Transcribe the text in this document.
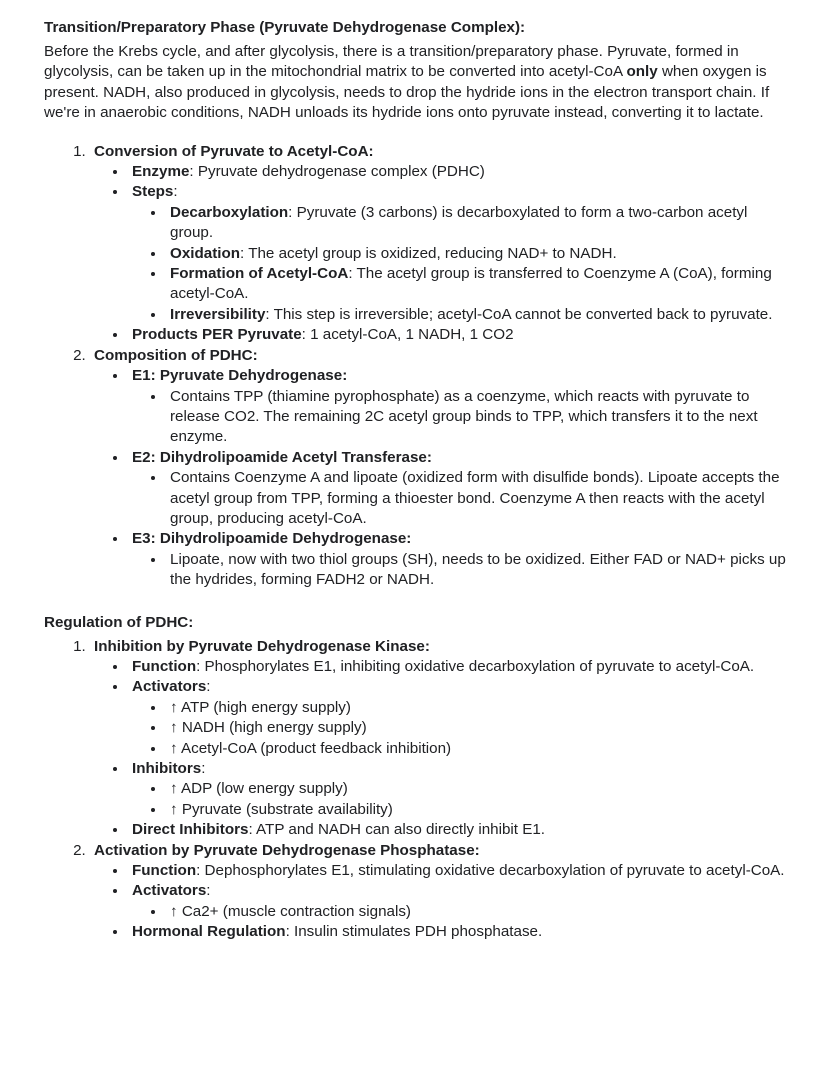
Transition/Preparatory Phase (Pyruvate Dehydrogenase Complex):

Before the Krebs cycle, and after glycolysis, there is a transition/preparatory phase. Pyruvate, formed in glycolysis, can be taken up in the mitochondrial matrix to be converted into acetyl-CoA only when oxygen is present. NADH, also produced in glycolysis, needs to drop the hydride ions in the electron transport chain. If we're in anaerobic conditions, NADH unloads its hydride ions onto pyruvate instead, converting it to lactate.

1. Conversion of Pyruvate to Acetyl-CoA:
• Enzyme: Pyruvate dehydrogenase complex (PDHC)
• Steps:
• Decarboxylation: Pyruvate (3 carbons) is decarboxylated to form a two-carbon acetyl group.
• Oxidation: The acetyl group is oxidized, reducing NAD+ to NADH.
• Formation of Acetyl-CoA: The acetyl group is transferred to Coenzyme A (CoA), forming acetyl-CoA.
• Irreversibility: This step is irreversible; acetyl-CoA cannot be converted back to pyruvate.
• Products PER Pyruvate: 1 acetyl-CoA, 1 NADH, 1 CO2
2. Composition of PDHC:
• E1: Pyruvate Dehydrogenase:
• Contains TPP (thiamine pyrophosphate) as a coenzyme, which reacts with pyruvate to release CO2. The remaining 2C acetyl group binds to TPP, which transfers it to the next enzyme.
• E2: Dihydrolipoamide Acetyl Transferase:
• Contains Coenzyme A and lipoate (oxidized form with disulfide bonds). Lipoate accepts the acetyl group from TPP, forming a thioester bond. Coenzyme A then reacts with the acetyl group, producing acetyl-CoA.
• E3: Dihydrolipoamide Dehydrogenase:
• Lipoate, now with two thiol groups (SH), needs to be oxidized. Either FAD or NAD+ picks up the hydrides, forming FADH2 or NADH.
Regulation of PDHC:
1. Inhibition by Pyruvate Dehydrogenase Kinase:
• Function: Phosphorylates E1, inhibiting oxidative decarboxylation of pyruvate to acetyl-CoA.
• Activators:
• ↑ ATP (high energy supply)
• ↑ NADH (high energy supply)
• ↑ Acetyl-CoA (product feedback inhibition)
• Inhibitors:
• ↑ ADP (low energy supply)
• ↑ Pyruvate (substrate availability)
• Direct Inhibitors: ATP and NADH can also directly inhibit E1.
2. Activation by Pyruvate Dehydrogenase Phosphatase:
• Function: Dephosphorylates E1, stimulating oxidative decarboxylation of pyruvate to acetyl-CoA.
• Activators:
• ↑ Ca2+ (muscle contraction signals)
• Hormonal Regulation: Insulin stimulates PDH phosphatase.
